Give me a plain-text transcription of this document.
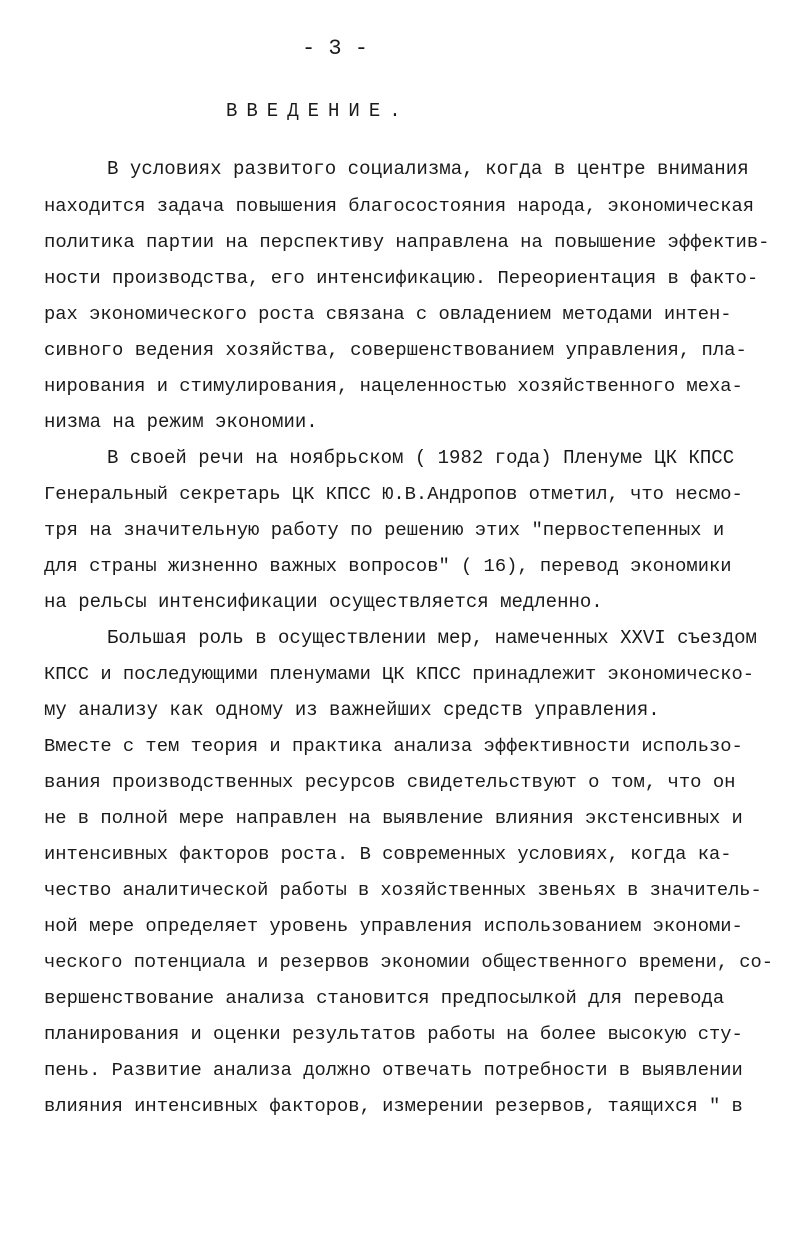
- 3 -
ВВЕДЕНИЕ.
В условиях развитого социализма, когда в центре внимания
находится задача повышения благосостояния народа, экономическая
политика партии на перспективу направлена на повышение эффектив-
ности производства, его интенсификацию. Переориентация в факто-
рах экономического роста связана с овладением методами интен-
сивного ведения хозяйства, совершенствованием управления, пла-
нирования и стимулирования, нацеленностью хозяйственного меха-
низма на режим экономии.
В своей речи на ноябрьском ( 1982 года) Пленуме ЦК КПСС
Генеральный секретарь ЦК КПСС Ю.В.Андропов отметил, что несмо-
тря на значительную работу по решению этих "первостепенных и
для страны жизненно важных вопросов" ( 16), перевод экономики
на рельсы интенсификации осуществляется медленно.
Большая роль в осуществлении мер, намеченных XXVI съездом
КПСС и последующими пленумами ЦК КПСС принадлежит экономическо-
му анализу как одному из важнейших средств управления.
Вместе с тем теория и практика анализа эффективности использо-
вания производственных ресурсов свидетельствуют о том, что он
не в полной мере направлен на выявление влияния экстенсивных и
интенсивных факторов роста. В современных условиях, когда ка-
чество аналитической работы в хозяйственных звеньях в значитель-
ной мере определяет уровень управления использованием экономи-
ческого потенциала и резервов экономии общественного времени, со-
вершенствование анализа становится предпосылкой для перевода
планирования и оценки результатов работы на более высокую сту-
пень. Развитие анализа должно отвечать потребности в выявлении
влияния интенсивных факторов, измерении резервов, таящихся " в
